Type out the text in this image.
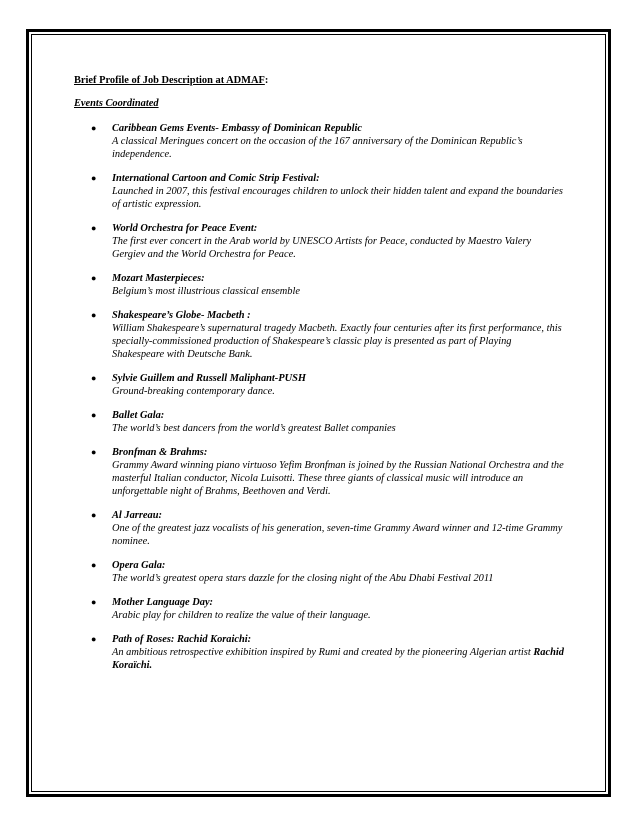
Brief Profile of Job Description at ADMAF:
Events Coordinated
● Caribbean Gems Events- Embassy of Dominican Republic
A classical Meringues concert on the occasion of the 167 anniversary of the Dominican Republic’s independence.
● International Cartoon and Comic Strip Festival:
Launched in 2007, this festival encourages children to unlock their hidden talent and expand the boundaries of artistic expression.
● World Orchestra for Peace Event:
The first ever concert in the Arab world by UNESCO Artists for Peace, conducted by Maestro Valery Gergiev and the World Orchestra for Peace.
● Mozart Masterpieces:
Belgium’s most illustrious classical ensemble
● Shakespeare’s Globe- Macbeth :
William Shakespeare’s supernatural tragedy Macbeth. Exactly four centuries after its first performance, this specially-commissioned production of Shakespeare’s classic play is presented as part of Playing Shakespeare with Deutsche Bank.
● Sylvie Guillem and Russell Maliphant-PUSH
Ground-breaking contemporary dance.
● Ballet Gala:
The world’s best dancers from the world’s greatest Ballet companies
● Bronfman & Brahms:
Grammy Award winning piano virtuoso Yefim Bronfman is joined by the Russian National Orchestra and the masterful Italian conductor, Nicola Luisotti. These three giants of classical music will introduce an unforgettable night of Brahms, Beethoven and Verdi.
● Al Jarreau:
One of the greatest jazz vocalists of his generation, seven-time Grammy Award winner and 12-time Grammy nominee.
● Opera Gala:
The world’s greatest opera stars dazzle for the closing night of the Abu Dhabi Festival 2011
● Mother Language Day:
Arabic play for children to realize the value of their language.
● Path of Roses: Rachid Koraichi:
An ambitious retrospective exhibition inspired by Rumi and created by the pioneering Algerian artist Rachid Koraïchi.
